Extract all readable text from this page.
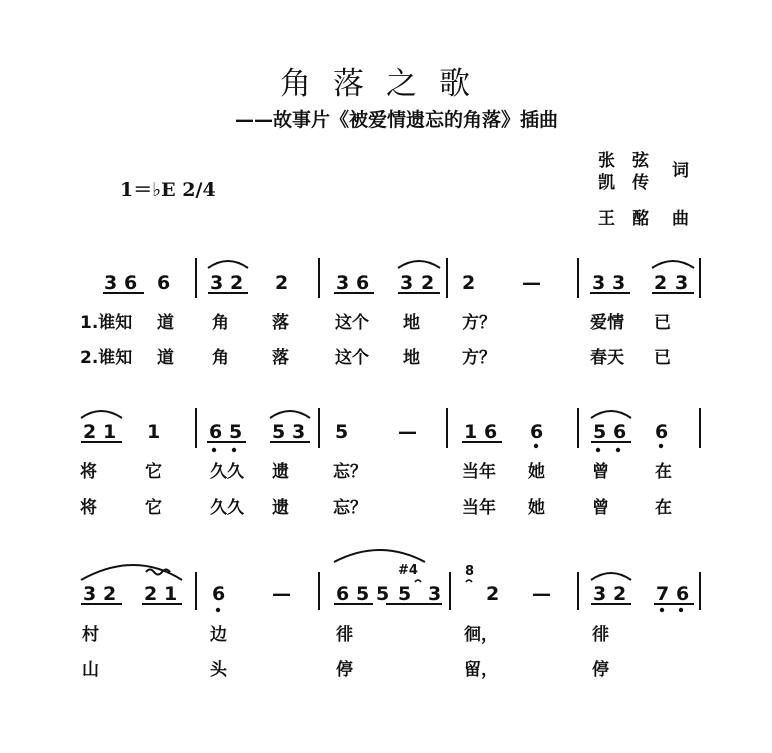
角落之歌
——故事片《被爱情遗忘的角落》插曲
1＝♭E 2/4
张　弦
凯　传
词
王　酩 曲
3 6 6 3 2 2	3 6 3 2 2 —	3 3 2 3
1.谁知 道 角	落	这个 地 方？	爱情 已
2.谁知 道 角	落	这个 地 方？	春天 已
2 1 1	6 5 5 3 5	— 1 6 6	5 6 6
将	它	久久 遗	忘？	当年 她	曾	在
将	它	久久 遗	忘？	当年 她	曾	在
3 2 2 1 6 — 6 5 5 5 3 2 — 3 2 7 6
#4	8
村	边	徘	徊，	徘
山	头	停	留，	停
